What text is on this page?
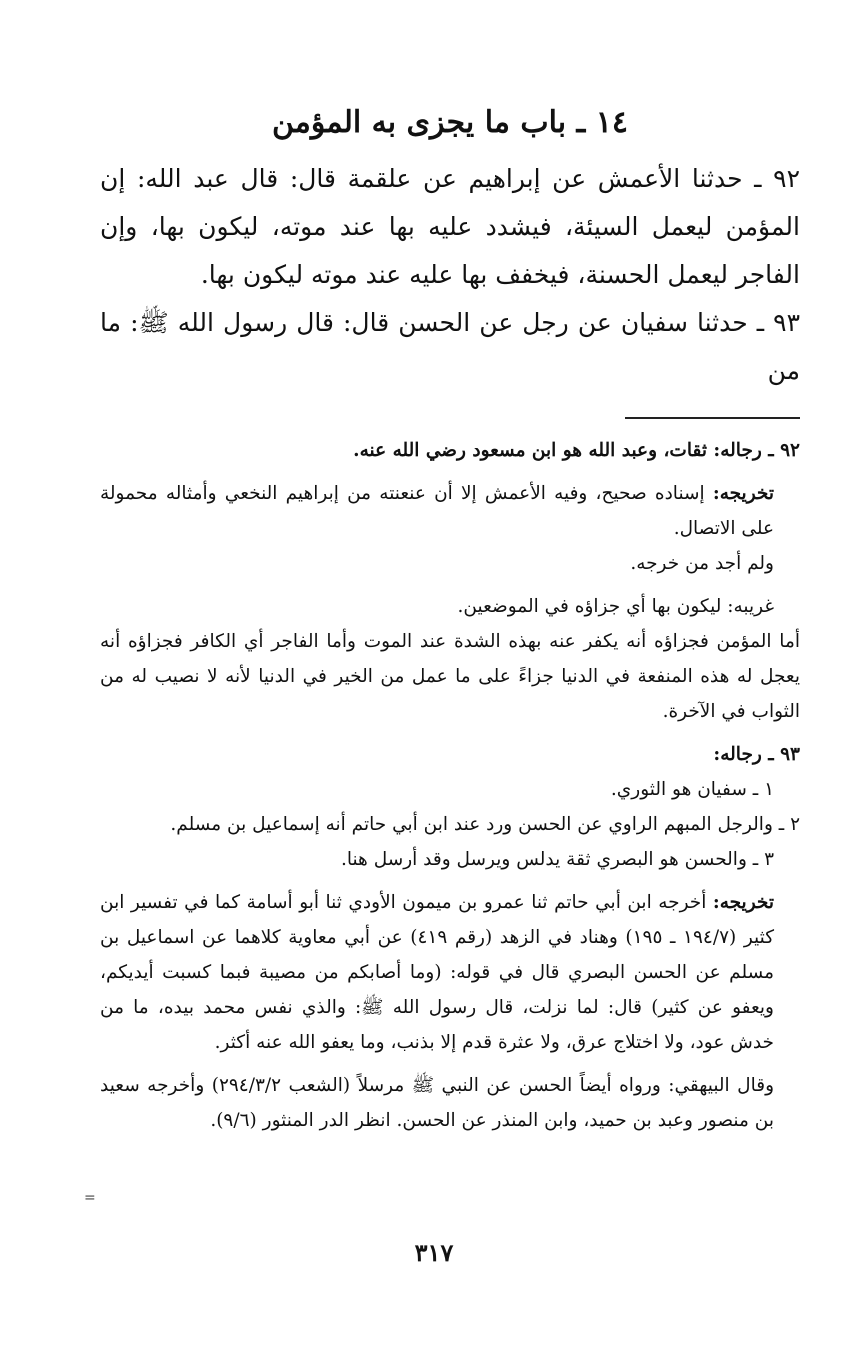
١٤ ـ باب ما يجزى به المؤمن

٩٢ ـ حدثنا الأعمش عن إبراهيم عن علقمة قال: قال عبد الله: إن المؤمن ليعمل السيئة، فيشدد عليه بها عند موته، ليكون بها، وإن الفاجر ليعمل الحسنة، فيخفف بها عليه عند موته ليكون بها.

٩٣ ـ حدثنا سفيان عن رجل عن الحسن قال: قال رسول الله ﷺ: ما من

٩٢ ـ رجاله: ثقات، وعبد الله هو ابن مسعود رضي الله عنه.

تخريجه: إسناده صحيح، وفيه الأعمش إلا أن عنعنته من إبراهيم النخعي وأمثاله محمولة على الاتصال.

ولم أجد من خرجه.

غريبه: ليكون بها أي جزاؤه في الموضعين.

أما المؤمن فجزاؤه أنه يكفر عنه بهذه الشدة عند الموت وأما الفاجر أي الكافر فجزاؤه أنه يعجل له هذه المنفعة في الدنيا جزاءً على ما عمل من الخير في الدنيا لأنه لا نصيب له من الثواب في الآخرة.

٩٣ ـ رجاله:

١ ـ سفيان هو الثوري.

٢ ـ والرجل المبهم الراوي عن الحسن ورد عند ابن أبي حاتم أنه إسماعيل بن مسلم.

٣ ـ والحسن هو البصري ثقة يدلس ويرسل وقد أرسل هنا.

تخريجه: أخرجه ابن أبي حاتم ثنا عمرو بن ميمون الأودي ثنا أبو أسامة كما في تفسير ابن كثير (١٩٤/٧ ـ ١٩٥) وهناد في الزهد (رقم ٤١٩) عن أبي معاوية كلاهما عن اسماعيل بن مسلم عن الحسن البصري قال في قوله: (وما أصابكم من مصيبة فبما كسبت أيديكم، ويعفو عن كثير) قال: لما نزلت، قال رسول الله ﷺ: والذي نفس محمد بيده، ما من خدش عود، ولا اختلاج عرق، ولا عثرة قدم إلا بذنب، وما يعفو الله عنه أكثر.

وقال البيهقي: ورواه أيضاً الحسن عن النبي ﷺ مرسلاً (الشعب ٢٩٤/٣/٢) وأخرجه سعيد بن منصور وعبد بن حميد، وابن المنذر عن الحسن. انظر الدر المنثور (٩/٦).

=
٣١٧
